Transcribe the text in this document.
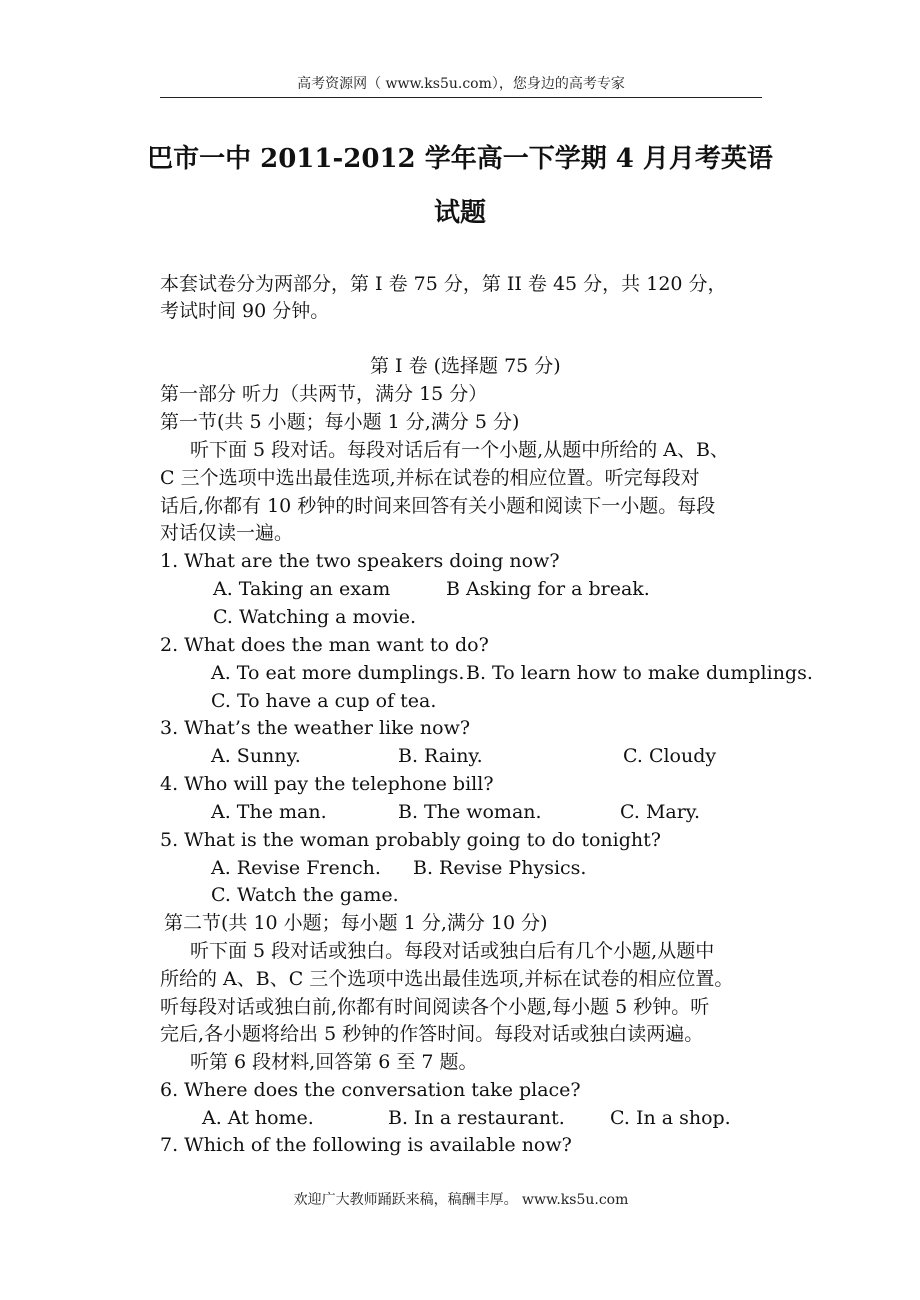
高考资源网（ www.ks5u.com），您身边的高考专家
巴市一中 2011-2012 学年高一下学期 4 月月考英语
试题
本套试卷分为两部分，第 I 卷 75 分，第 II 卷 45 分，共 120 分，
考试时间 90 分钟。
第 I 卷 (选择题 75 分)
第一部分 听力（共两节，满分 15 分）
第一节(共 5 小题；每小题 1 分,满分 5 分)
听下面 5 段对话。每段对话后有一个小题,从题中所给的 A、B、
C 三个选项中选出最佳选项,并标在试卷的相应位置。听完每段对
话后,你都有 10 秒钟的时间来回答有关小题和阅读下一小题。每段
对话仅读一遍。
1. What are the two speakers doing now?
A. Taking an exam	B Asking for a break.
C. Watching a movie.
2. What does the man want to do?
A. To eat more dumplings. B. To learn how to make dumplings.
C. To have a cup of tea.
3. What’s the weather like now?
A. Sunny.	B. Rainy.	C. Cloudy
4. Who will pay the telephone bill?
A. The man.	B. The woman.	C. Mary.
5. What is the woman probably going to do tonight?
A. Revise French. B. Revise Physics.
C. Watch the game.
第二节(共 10 小题；每小题 1 分,满分 10 分)
听下面 5 段对话或独白。每段对话或独白后有几个小题,从题中
所给的 A、B、C 三个选项中选出最佳选项,并标在试卷的相应位置。
听每段对话或独白前,你都有时间阅读各个小题,每小题 5 秒钟。听
完后,各小题将给出 5 秒钟的作答时间。每段对话或独白读两遍。
听第 6 段材料,回答第 6 至 7 题。
6. Where does the conversation take place?
A. At home.	B. In a restaurant. C. In a shop.
7. Which of the following is available now?
欢迎广大教师踊跃来稿，稿酬丰厚。 www.ks5u.com
